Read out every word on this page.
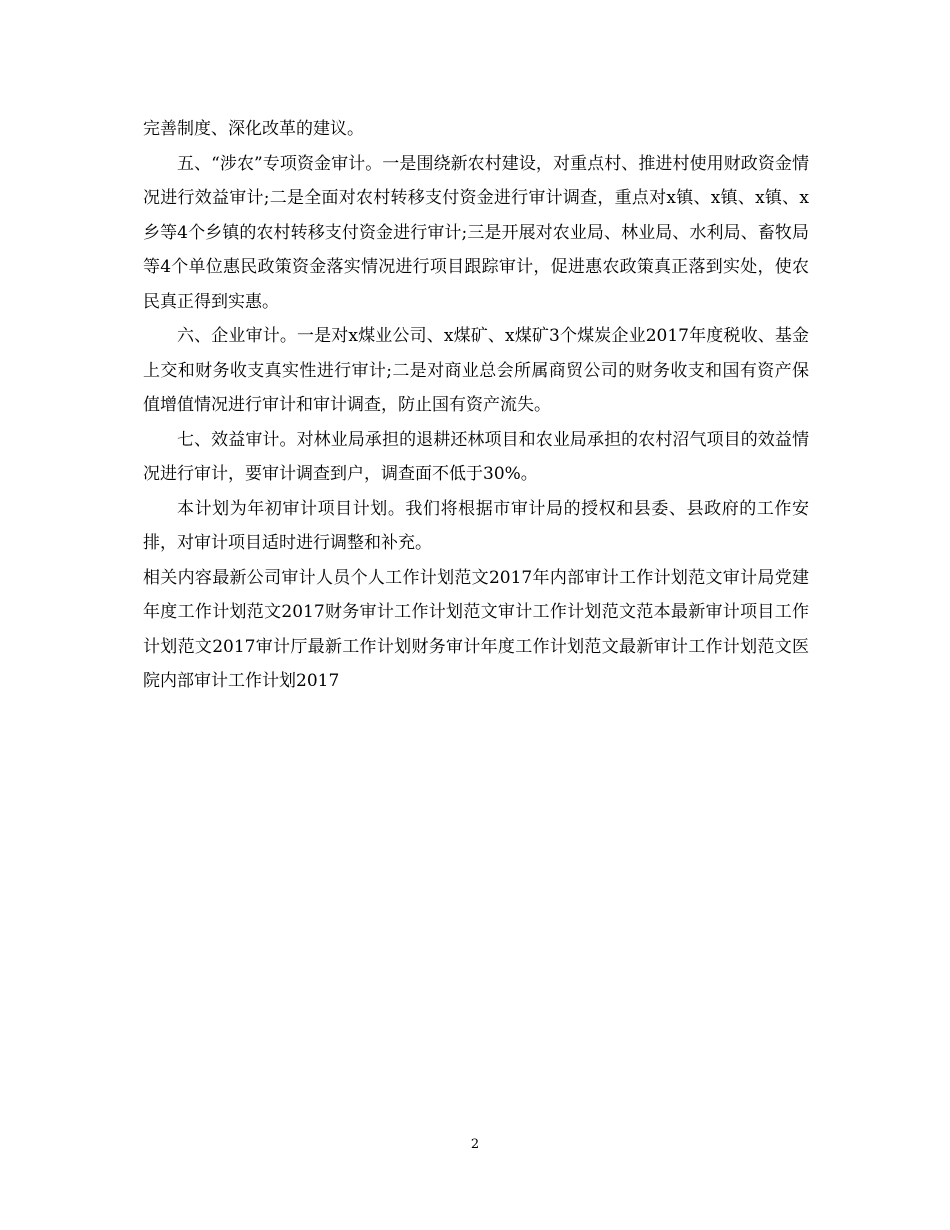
完善制度、深化改革的建议。

五、“涉农”专项资金审计。一是围绕新农村建设，对重点村、推进村使用财政资金情况进行效益审计;二是全面对农村转移支付资金进行审计调查，重点对x镇、x镇、x镇、x乡等4个乡镇的农村转移支付资金进行审计;三是开展对农业局、林业局、水利局、畜牧局等4个单位惠民政策资金落实情况进行项目跟踪审计，促进惠农政策真正落到实处，使农民真正得到实惠。

六、企业审计。一是对x煤业公司、x煤矿、x煤矿3个煤炭企业2017年度税收、基金上交和财务收支真实性进行审计;二是对商业总会所属商贸公司的财务收支和国有资产保值增值情况进行审计和审计调查，防止国有资产流失。

七、效益审计。对林业局承担的退耕还林项目和农业局承担的农村沼气项目的效益情况进行审计，要审计调查到户，调查面不低于30%。

本计划为年初审计项目计划。我们将根据市审计局的授权和县委、县政府的工作安排，对审计项目适时进行调整和补充。

相关内容最新公司审计人员个人工作计划范文2017年内部审计工作计划范文审计局党建年度工作计划范文2017财务审计工作计划范文审计工作计划范文范本最新审计项目工作计划范文2017审计厅最新工作计划财务审计年度工作计划范文最新审计工作计划范文医院内部审计工作计划2017

2
